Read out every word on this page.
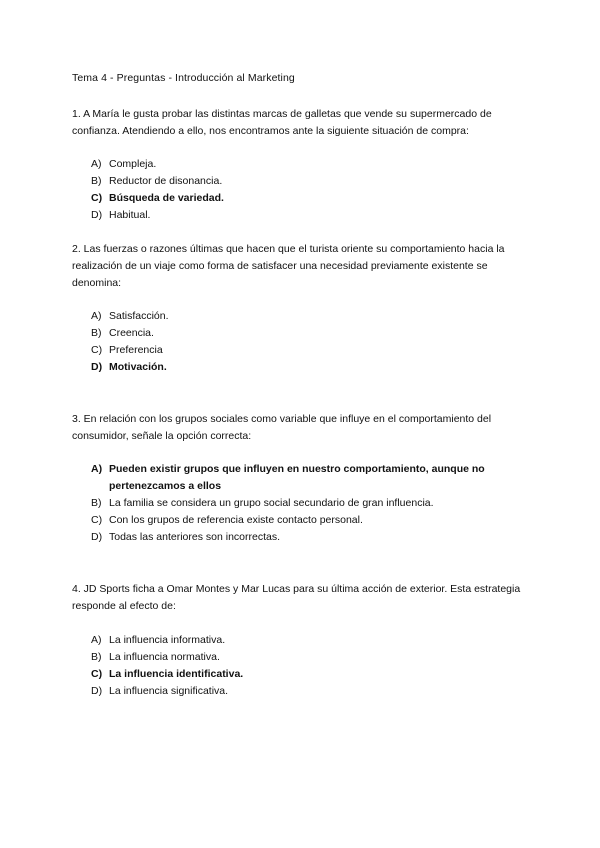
Tema 4 - Preguntas - Introducción al Marketing
1. A María le gusta probar las distintas marcas de galletas que vende su supermercado de confianza. Atendiendo a ello, nos encontramos ante la siguiente situación de compra:
A) Compleja.
B) Reductor de disonancia.
C) Búsqueda de variedad.
D) Habitual.
2. Las fuerzas o razones últimas que hacen que el turista oriente su comportamiento hacia la realización de un viaje como forma de satisfacer una necesidad previamente existente se denomina:
A) Satisfacción.
B) Creencia.
C) Preferencia
D) Motivación.
3. En relación con los grupos sociales como variable que influye en el comportamiento del consumidor, señale la opción correcta:
A) Pueden existir grupos que influyen en nuestro comportamiento, aunque no pertenezcamos a ellos
B) La familia se considera un grupo social secundario de gran influencia.
C) Con los grupos de referencia existe contacto personal.
D) Todas las anteriores son incorrectas.
4. JD Sports ficha a Omar Montes y Mar Lucas para su última acción de exterior. Esta estrategia responde al efecto de:
A) La influencia informativa.
B) La influencia normativa.
C) La influencia identificativa.
D) La influencia significativa.
